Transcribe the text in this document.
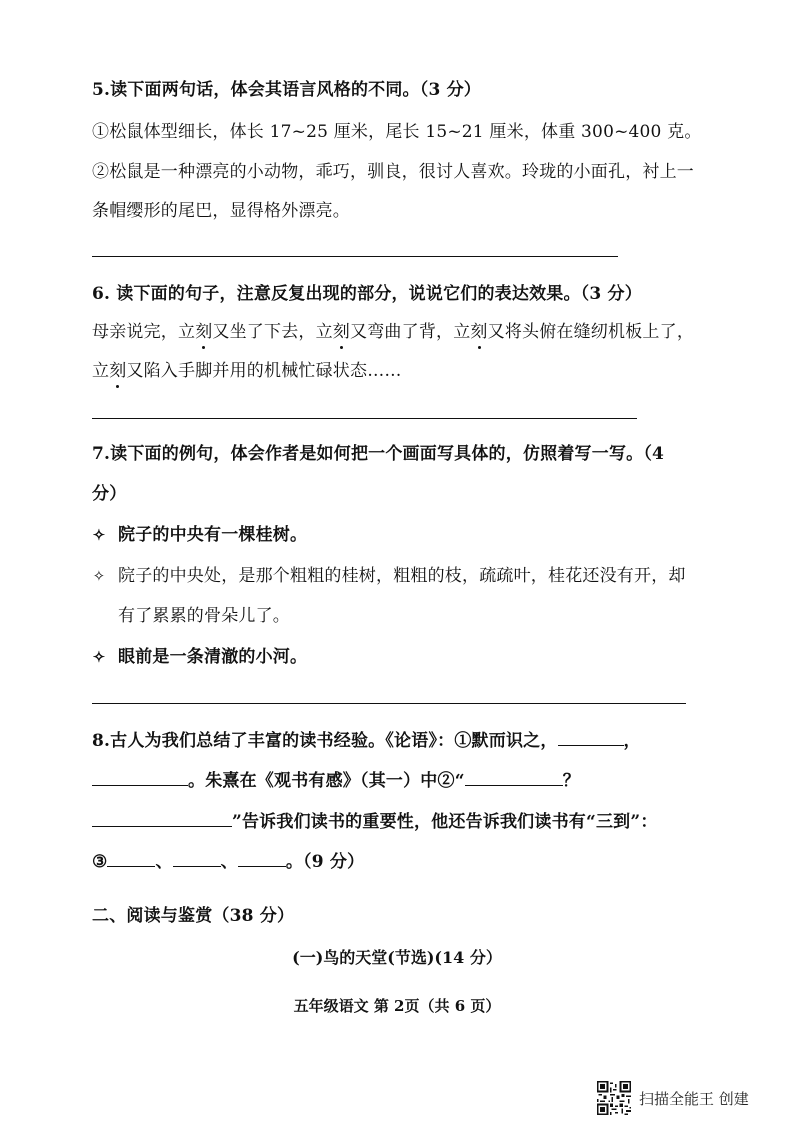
5.读下面两句话，体会其语言风格的不同。（3 分）
①松鼠体型细长，体长 17~25 厘米，尾长 15~21 厘米，体重 300~400 克。
②松鼠是一种漂亮的小动物，乖巧，驯良，很讨人喜欢。玲珑的小面孔，衬上一
条帽缨形的尾巴，显得格外漂亮。
6. 读下面的句子，注意反复出现的部分，说说它们的表达效果。（3 分）
母亲说完，立刻又坐了下去，立刻又弯曲了背，立刻又将头俯在缝纫机板上了，
立刻又陷入手脚并用的机械忙碌状态……
7.读下面的例句，体会作者是如何把一个画面写具体的，仿照着写一写。（4
分）
✧ 院子的中央有一棵桂树。
✧ 院子的中央处，是那个粗粗的桂树，粗粗的枝，疏疏叶，桂花还没有开，却
有了累累的骨朵儿了。
✧ 眼前是一条清澈的小河。
8.古人为我们总结了丰富的读书经验。《论语》：①默而识之，	，
。朱熹在《观书有感》（其一）中②“	？
”告诉我们读书的重要性，他还告诉我们读书有“三到”：
③	、	、	。（9 分）
二、阅读与鉴赏（38 分）
(一)鸟的天堂(节选)(14 分）
五年级语文 第 2页（共 6 页）
扫描全能王 创建
